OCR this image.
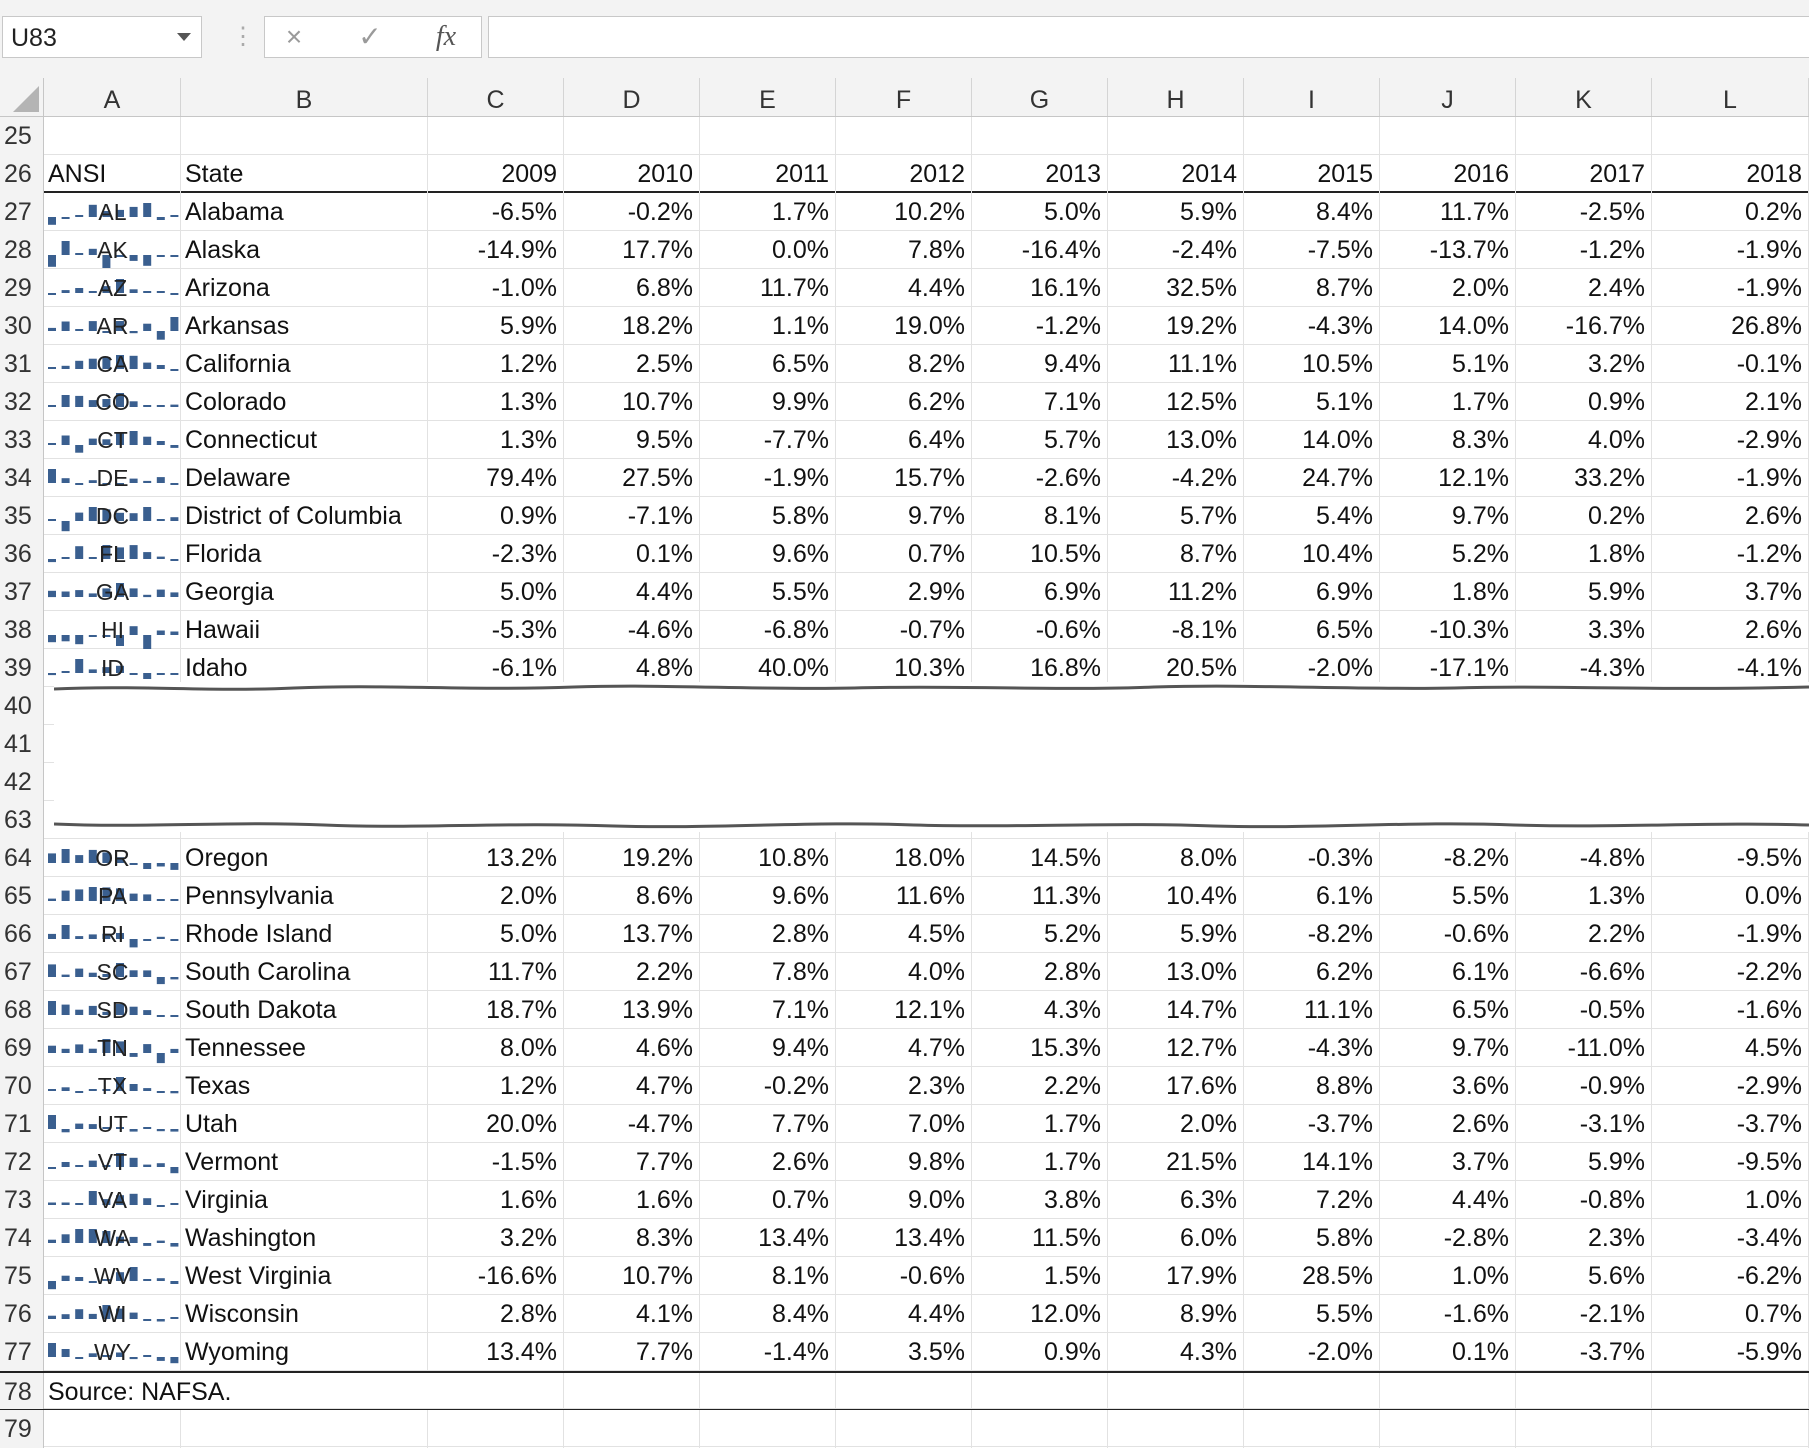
U83	⋮	×	✓	fx
A	B	C	D	E	F	G	H	I	J	K	L
25
26 ANSI	State	2009	2010	2011	2012	2013	2014	2015	2016	2017	2018
27	AL	Alabama	-6.5%	-0.2%	1.7%	10.2%	5.0%	5.9%	8.4%	11.7%	-2.5%	0.2%
28	AK	Alaska	-14.9%	17.7%	0.0%	7.8%	-16.4%	-2.4%	-7.5%	-13.7%	-1.2%	-1.9%
29	AZ	Arizona	-1.0%	6.8%	11.7%	4.4%	16.1%	32.5%	8.7%	2.0%	2.4%	-1.9%
30	AR	Arkansas	5.9%	18.2%	1.1%	19.0%	-1.2%	19.2%	-4.3%	14.0%	-16.7%	26.8%
31	CA	California	1.2%	2.5%	6.5%	8.2%	9.4%	11.1%	10.5%	5.1%	3.2%	-0.1%
32	CO	Colorado	1.3%	10.7%	9.9%	6.2%	7.1%	12.5%	5.1%	1.7%	0.9%	2.1%
33	CT	Connecticut	1.3%	9.5%	-7.7%	6.4%	5.7%	13.0%	14.0%	8.3%	4.0%	-2.9%
34	DE	Delaware	79.4%	27.5%	-1.9%	15.7%	-2.6%	-4.2%	24.7%	12.1%	33.2%	-1.9%
35	DC	District of Columbia	0.9%	-7.1%	5.8%	9.7%	8.1%	5.7%	5.4%	9.7%	0.2%	2.6%
36	FL	Florida	-2.3%	0.1%	9.6%	0.7%	10.5%	8.7%	10.4%	5.2%	1.8%	-1.2%
37	GA	Georgia	5.0%	4.4%	5.5%	2.9%	6.9%	11.2%	6.9%	1.8%	5.9%	3.7%
38	HI	Hawaii	-5.3%	-4.6%	-6.8%	-0.7%	-0.6%	-8.1%	6.5%	-10.3%	3.3%	2.6%
39	ID	Idaho	-6.1%	4.8%	40.0%	10.3%	16.8%	20.5%	-2.0%	-17.1%	-4.3%	-4.1%
40
41
42
63
64	OR	Oregon	13.2%	19.2%	10.8%	18.0%	14.5%	8.0%	-0.3%	-8.2%	-4.8%	-9.5%
65	PA	Pennsylvania	2.0%	8.6%	9.6%	11.6%	11.3%	10.4%	6.1%	5.5%	1.3%	0.0%
66	RI	Rhode Island	5.0%	13.7%	2.8%	4.5%	5.2%	5.9%	-8.2%	-0.6%	2.2%	-1.9%
67	SC	South Carolina	11.7%	2.2%	7.8%	4.0%	2.8%	13.0%	6.2%	6.1%	-6.6%	-2.2%
68	SD	South Dakota	18.7%	13.9%	7.1%	12.1%	4.3%	14.7%	11.1%	6.5%	-0.5%	-1.6%
69	TN	Tennessee	8.0%	4.6%	9.4%	4.7%	15.3%	12.7%	-4.3%	9.7%	-11.0%	4.5%
70	TX	Texas	1.2%	4.7%	-0.2%	2.3%	2.2%	17.6%	8.8%	3.6%	-0.9%	-2.9%
71	UT	Utah	20.0%	-4.7%	7.7%	7.0%	1.7%	2.0%	-3.7%	2.6%	-3.1%	-3.7%
72	VT	Vermont	-1.5%	7.7%	2.6%	9.8%	1.7%	21.5%	14.1%	3.7%	5.9%	-9.5%
73	VA	Virginia	1.6%	1.6%	0.7%	9.0%	3.8%	6.3%	7.2%	4.4%	-0.8%	1.0%
74	WA	Washington	3.2%	8.3%	13.4%	13.4%	11.5%	6.0%	5.8%	-2.8%	2.3%	-3.4%
75	WV	West Virginia	-16.6%	10.7%	8.1%	-0.6%	1.5%	17.9%	28.5%	1.0%	5.6%	-6.2%
76	WI	Wisconsin	2.8%	4.1%	8.4%	4.4%	12.0%	8.9%	5.5%	-1.6%	-2.1%	0.7%
77	WY	Wyoming	13.4%	7.7%	-1.4%	3.5%	0.9%	4.3%	-2.0%	0.1%	-3.7%	-5.9%
78 Source: NAFSA.
79
